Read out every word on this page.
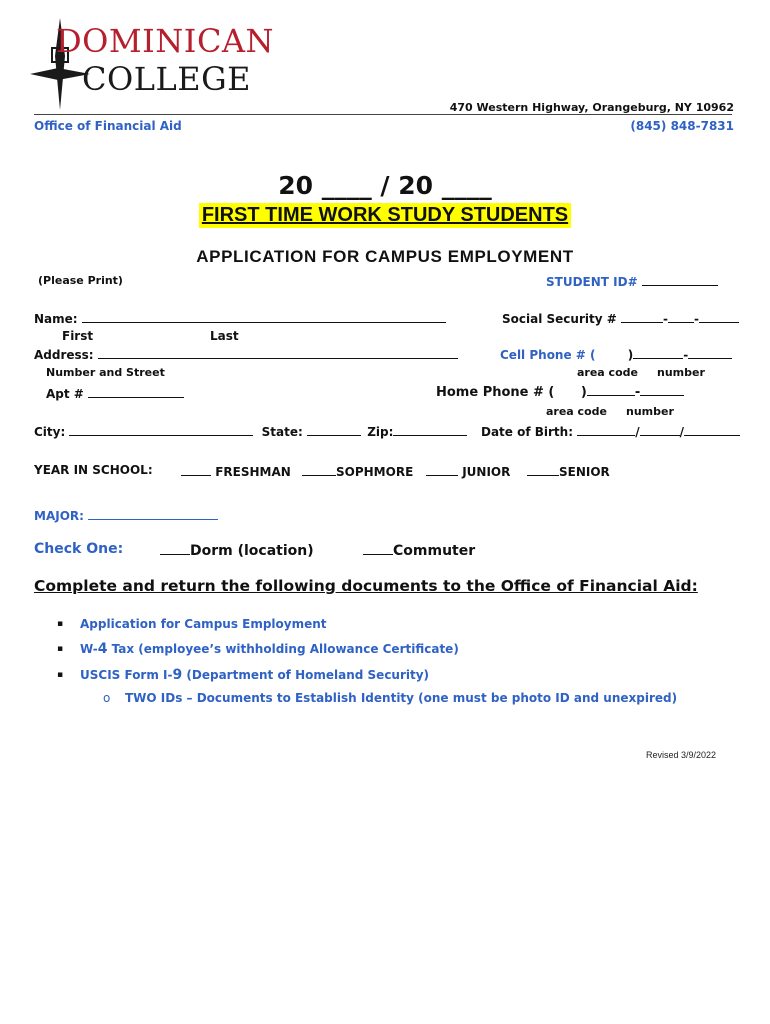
DOMINICAN
COLLEGE
470 Western Highway, Orangeburg, NY 10962
Office of Financial Aid	(845) 848-7831
20 ____ / 20 ____
FIRST TIME WORK STUDY STUDENTS
APPLICATION FOR CAMPUS EMPLOYMENT
(Please Print)	STUDENT ID#
Name:	Social Security #	- -
First	Last
Address:	Cell Phone # (	)	-
Number and Street	area code number
Apt #	Home Phone # ( )	-
area code number
City:	State:	Zip:	Date of Birth:	/	/
YEAR IN SCHOOL:	FRESHMAN	SOPHMORE	JUNIOR	SENIOR
MAJOR:
Check One:	Dorm (location)	Commuter
Complete and return the following documents to the Office of Financial Aid:
▪ Application for Campus Employment
▪ W-4 Tax (employee’s withholding Allowance Certificate)
▪ USCIS Form I-9 (Department of Homeland Security)
o TWO IDs – Documents to Establish Identity (one must be photo ID and unexpired)
Revised 3/9/2022
